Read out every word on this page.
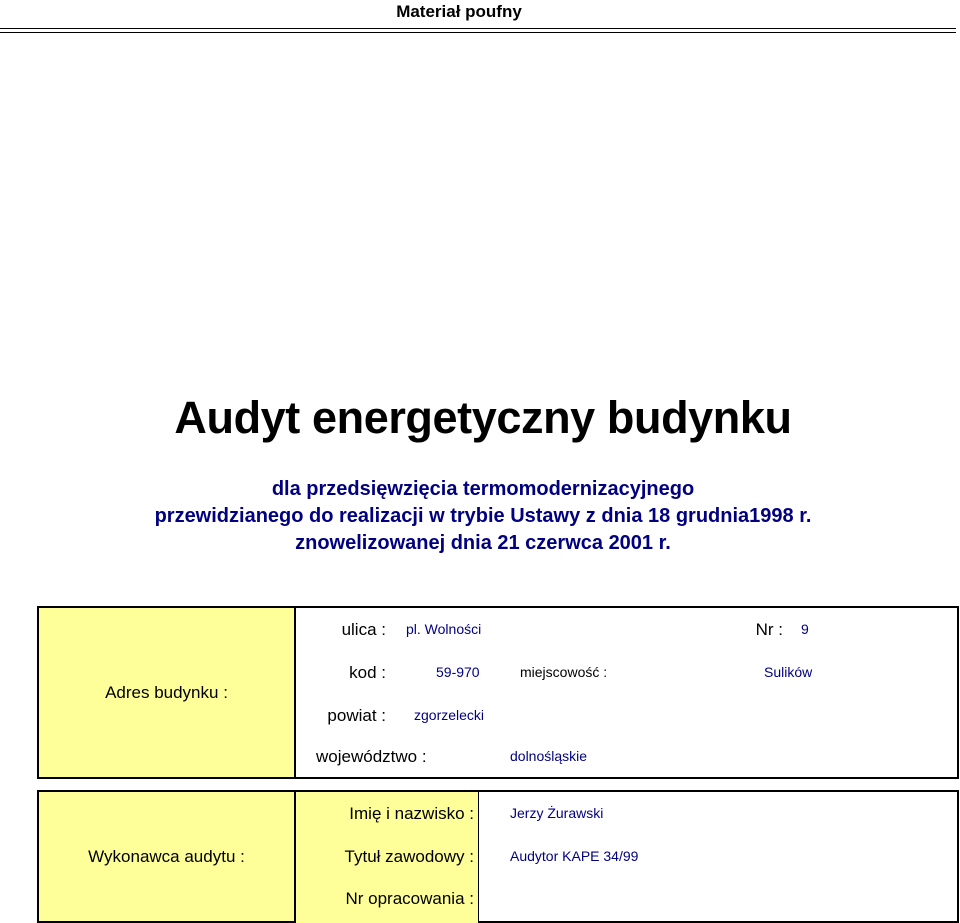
Materiał poufny
Audyt energetyczny budynku
dla przedsięwzięcia termomodernizacyjnego
przewidzianego do realizacji w trybie Ustawy z dnia 18 grudnia1998 r.
znowelizowanej dnia 21 czerwca 2001 r.
Adres budynku :
ulica : pl. Wolności	Nr : 9
kod :	59-970	miejscowość :	Sulików
powiat : zgorzelecki
województwo :	dolnośląskie
Wykonawca audytu :
Imię i nazwisko :	Jerzy Żurawski
Tytuł zawodowy :	Audytor KAPE 34/99
Nr opracowania :
